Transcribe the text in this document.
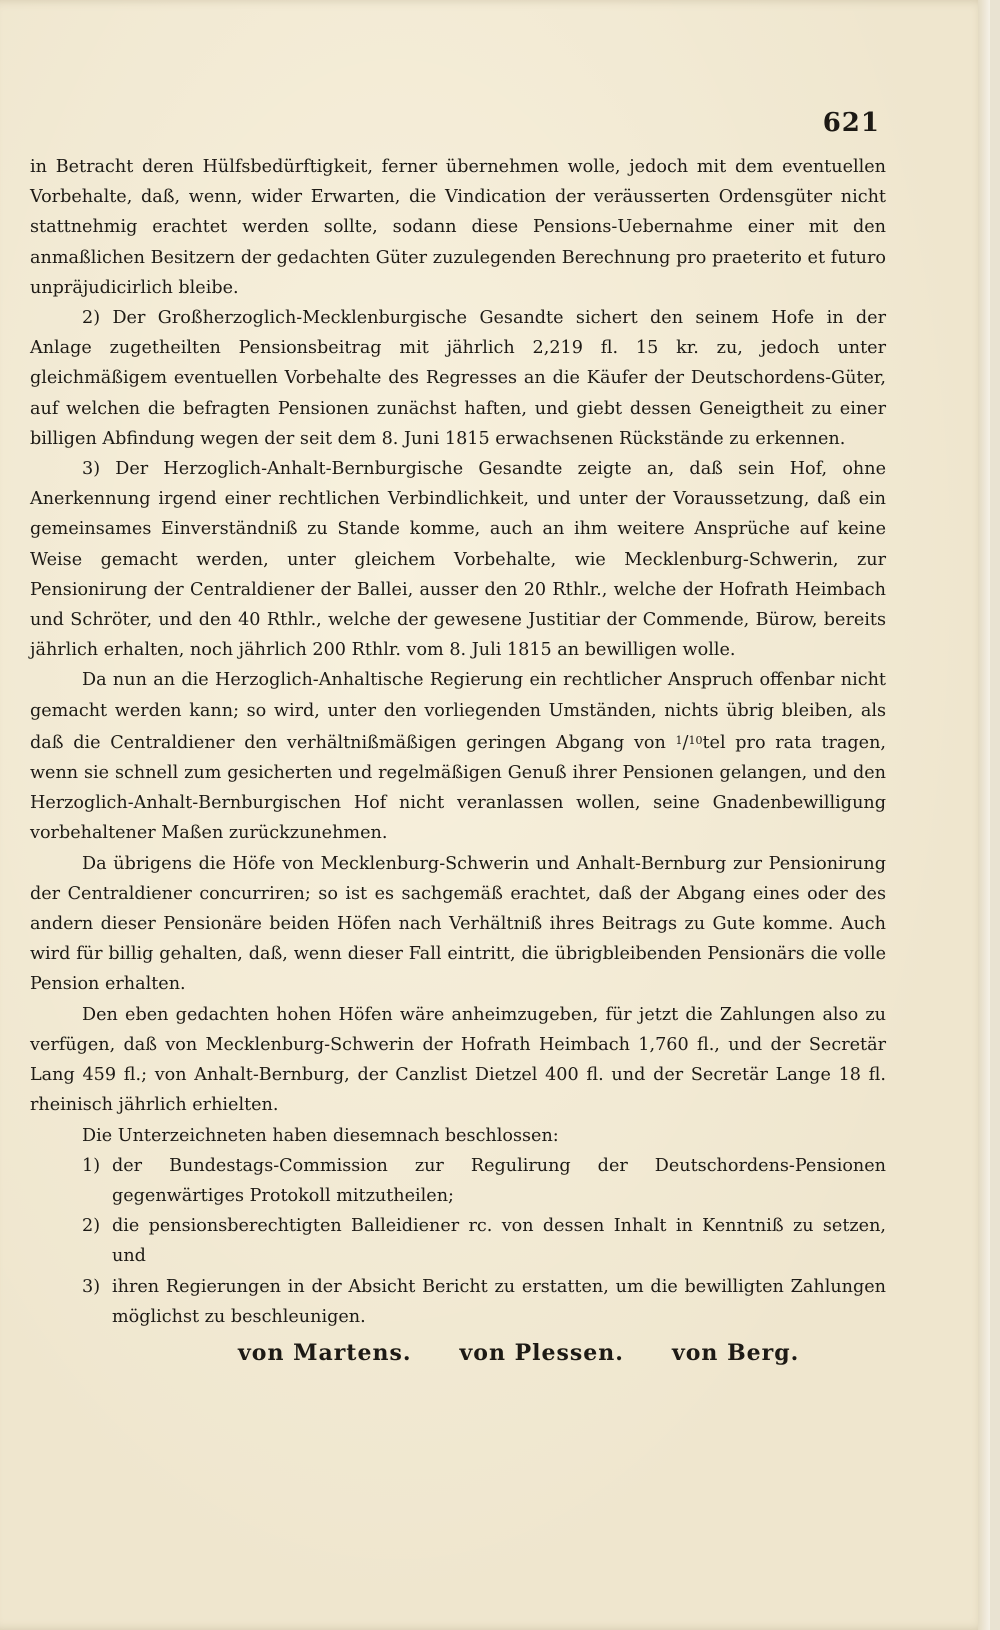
621

in Betracht deren Hülfsbedürftigkeit, ferner übernehmen wolle, jedoch mit dem eventuellen Vorbehalte, daß, wenn, wider Erwarten, die Vindication der veräusserten Ordensgüter nicht stattnehmig erachtet werden sollte, sodann diese Pensions-Uebernahme einer mit den anmaßlichen Besitzern der gedachten Güter zuzulegenden Berechnung pro praeterito et futuro unpräjudicirlich bleibe.

2) Der Großherzoglich-Mecklenburgische Gesandte sichert den seinem Hofe in der Anlage zugetheilten Pensionsbeitrag mit jährlich 2,219 fl. 15 kr. zu, jedoch unter gleichmäßigem eventuellen Vorbehalte des Regresses an die Käufer der Deutschordens-Güter, auf welchen die befragten Pensionen zunächst haften, und giebt dessen Geneigtheit zu einer billigen Abfindung wegen der seit dem 8. Juni 1815 erwachsenen Rückstände zu erkennen.

3) Der Herzoglich-Anhalt-Bernburgische Gesandte zeigte an, daß sein Hof, ohne Anerkennung irgend einer rechtlichen Verbindlichkeit, und unter der Voraussetzung, daß ein gemeinsames Einverständniß zu Stande komme, auch an ihm weitere Ansprüche auf keine Weise gemacht werden, unter gleichem Vorbehalte, wie Mecklenburg-Schwerin, zur Pensionirung der Centraldiener der Ballei, ausser den 20 Rthlr., welche der Hofrath Heimbach und Schröter, und den 40 Rthlr., welche der gewesene Justitiar der Commende, Bürow, bereits jährlich erhalten, noch jährlich 200 Rthlr. vom 8. Juli 1815 an bewilligen wolle.

Da nun an die Herzoglich-Anhaltische Regierung ein rechtlicher Anspruch offenbar nicht gemacht werden kann; so wird, unter den vorliegenden Umständen, nichts übrig bleiben, als daß die Centraldiener den verhältnißmäßigen geringen Abgang von $^1$/$^{10}$tel pro rata tragen, wenn sie schnell zum gesicherten und regelmäßigen Genuß ihrer Pensionen gelangen, und den Herzoglich-Anhalt-Bernburgischen Hof nicht veranlassen wollen, seine Gnadenbewilligung vorbehaltener Maßen zurückzunehmen.

Da übrigens die Höfe von Mecklenburg-Schwerin und Anhalt-Bernburg zur Pensionirung der Centraldiener concurriren; so ist es sachgemäß erachtet, daß der Abgang eines oder des andern dieser Pensionäre beiden Höfen nach Verhältniß ihres Beitrags zu Gute komme. Auch wird für billig gehalten, daß, wenn dieser Fall eintritt, die übrigbleibenden Pensionärs die volle Pension erhalten.

Den eben gedachten hohen Höfen wäre anheimzugeben, für jetzt die Zahlungen also zu verfügen, daß von Mecklenburg-Schwerin der Hofrath Heimbach 1,760 fl., und der Secretär Lang 459 fl.; von Anhalt-Bernburg, der Canzlist Dietzel 400 fl. und der Secretär Lange 18 fl. rheinisch jährlich erhielten.

Die Unterzeichneten haben diesemnach beschlossen:

1) der Bundestags-Commission zur Regulirung der Deutschordens-Pensionen gegenwärtiges Protokoll mitzutheilen;
2) die pensionsberechtigten Balleidiener rc. von dessen Inhalt in Kenntniß zu setzen, und
3) ihren Regierungen in der Absicht Bericht zu erstatten, um die bewilligten Zahlungen möglichst zu beschleunigen.
von Martens. von Plessen. von Berg.
